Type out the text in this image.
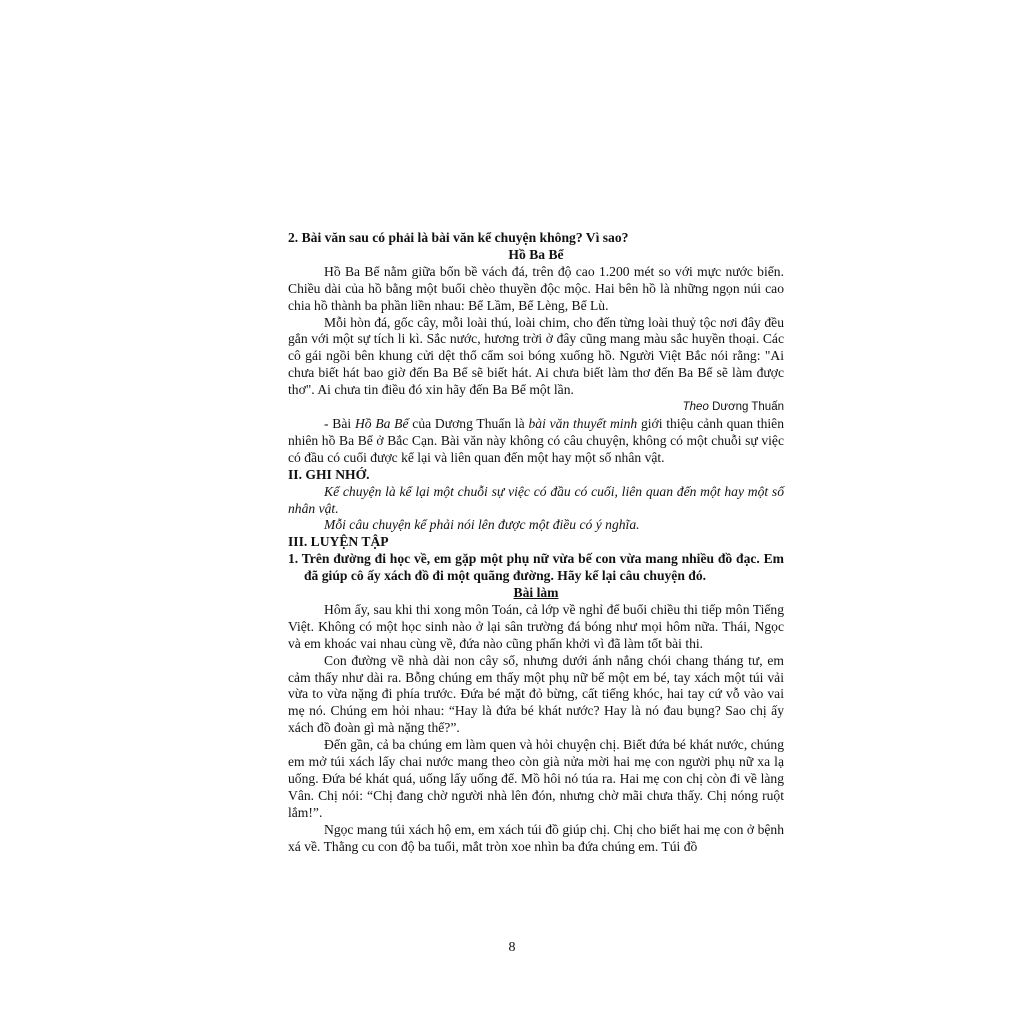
2. Bài văn sau có phải là bài văn kể chuyện không? Vì sao?

Hồ Ba Bể

Hồ Ba Bể nằm giữa bốn bề vách đá, trên độ cao 1.200 mét so với mực nước biển. Chiều dài của hồ bằng một buổi chèo thuyền độc mộc. Hai bên hồ là những ngọn núi cao chia hồ thành ba phần liền nhau: Bể Lầm, Bể Lèng, Bể Lù.

Mỗi hòn đá, gốc cây, mỗi loài thú, loài chim, cho đến từng loài thuỷ tộc nơi đây đều gắn với một sự tích li kì. Sắc nước, hương trời ở đây cũng mang màu sắc huyền thoại. Các cô gái ngồi bên khung cửi dệt thổ cẩm soi bóng xuống hồ. Người Việt Bắc nói rằng: "Ai chưa biết hát bao giờ đến Ba Bể sẽ biết hát. Ai chưa biết làm thơ đến Ba Bể sẽ làm được thơ". Ai chưa tin điều đó xin hãy đến Ba Bể một lần.

Theo Dương Thuấn

- Bài Hồ Ba Bể của Dương Thuấn là bài văn thuyết minh giới thiệu cảnh quan thiên nhiên hồ Ba Bể ở Bắc Cạn. Bài văn này không có câu chuyện, không có một chuỗi sự việc có đầu có cuối được kể lại và liên quan đến một hay một số nhân vật.

II. GHI NHỚ.

Kể chuyện là kể lại một chuỗi sự việc có đầu có cuối, liên quan đến một hay một số nhân vật.

Mỗi câu chuyện kể phải nói lên được một điều có ý nghĩa.

III. LUYỆN TẬP

1. Trên đường đi học về, em gặp một phụ nữ vừa bế con vừa mang nhiều đồ đạc. Em đã giúp cô ấy xách đồ đi một quãng đường. Hãy kể lại câu chuyện đó.

Bài làm

Hôm ấy, sau khi thi xong môn Toán, cả lớp về nghỉ để buổi chiều thi tiếp môn Tiếng Việt. Không có một học sinh nào ở lại sân trường đá bóng như mọi hôm nữa. Thái, Ngọc và em khoác vai nhau cùng về, đứa nào cũng phấn khởi vì đã làm tốt bài thi.

Con đường về nhà dài non cây số, nhưng dưới ánh nắng chói chang tháng tư, em cảm thấy như dài ra. Bỗng chúng em thấy một phụ nữ bế một em bé, tay xách một túi vải vừa to vừa nặng đi phía trước. Đứa bé mặt đỏ bừng, cất tiếng khóc, hai tay cứ vỗ vào vai mẹ nó. Chúng em hỏi nhau: “Hay là đứa bé khát nước? Hay là nó đau bụng? Sao chị ấy xách đồ đoàn gì mà nặng thế?”.

Đến gần, cả ba chúng em làm quen và hỏi chuyện chị. Biết đứa bé khát nước, chúng em mở túi xách lấy chai nước mang theo còn già nửa mời hai mẹ con người phụ nữ xa lạ uống. Đứa bé khát quá, uống lấy uống để. Mồ hôi nó túa ra. Hai mẹ con chị còn đi về làng Vân. Chị nói: “Chị đang chờ người nhà lên đón, nhưng chờ mãi chưa thấy. Chị nóng ruột lắm!”.

Ngọc mang túi xách hộ em, em xách túi đồ giúp chị. Chị cho biết hai mẹ con ở bệnh xá về. Thằng cu con độ ba tuổi, mắt tròn xoe nhìn ba đứa chúng em. Túi đồ

8
